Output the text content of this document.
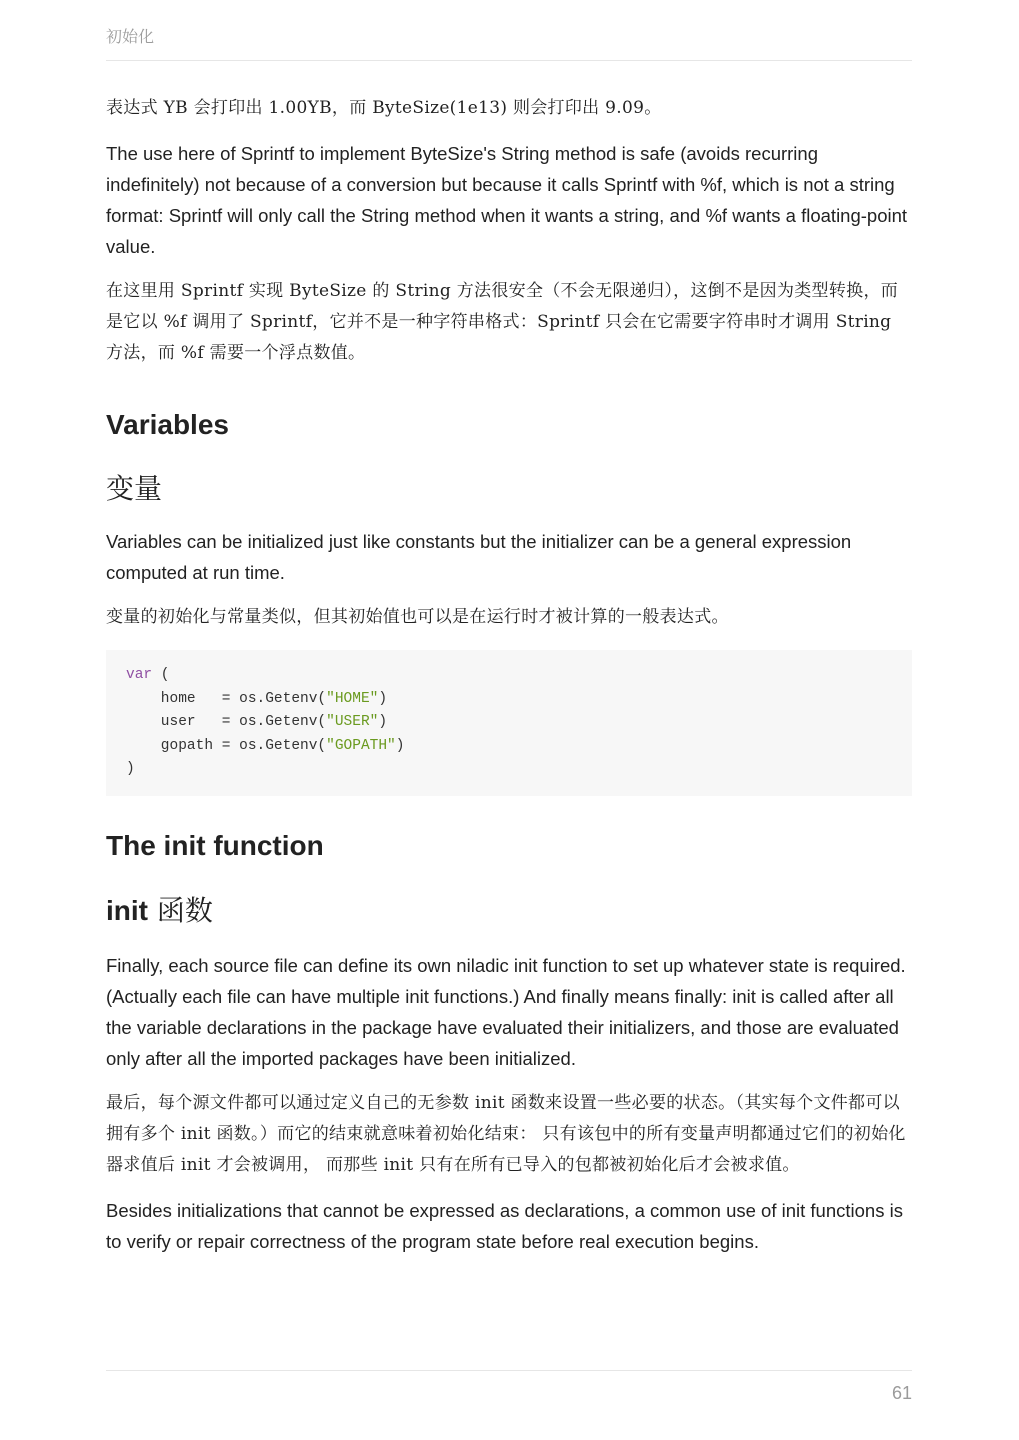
初始化

表达式 YB 会打印出 1.00YB，而 ByteSize(1e13) 则会打印出 9.09。

The use here of Sprintf to implement ByteSize's String method is safe (avoids recurring indefinitely) not because of a conversion but because it calls Sprintf with %f, which is not a string format: Sprintf will only call the String method when it wants a string, and %f wants a floating-point value.

在这里用 Sprintf 实现 ByteSize 的 String 方法很安全（不会无限递归），这倒不是因为类型转换，而是它以 %f 调用了 Sprintf，它并不是一种字符串格式：Sprintf 只会在它需要字符串时才调用 String 方法，而 %f 需要一个浮点数值。

Variables
变量

Variables can be initialized just like constants but the initializer can be a general expression computed at run time.

变量的初始化与常量类似，但其初始值也可以是在运行时才被计算的一般表达式。

var (
home   = os.Getenv("HOME")
user   = os.Getenv("USER")
gopath = os.Getenv("GOPATH")
)
The init function
init 函数

Finally, each source file can define its own niladic init function to set up whatever state is required. (Actually each file can have multiple init functions.) And finally means finally: init is called after all the variable declarations in the package have evaluated their initializers, and those are evaluated only after all the imported packages have been initialized.

最后，每个源文件都可以通过定义自己的无参数 init 函数来设置一些必要的状态。（其实每个文件都可以拥有多个 init 函数。）而它的结束就意味着初始化结束： 只有该包中的所有变量声明都通过它们的初始化器求值后 init 才会被调用， 而那些 init 只有在所有已导入的包都被初始化后才会被求值。

Besides initializations that cannot be expressed as declarations, a common use of init functions is to verify or repair correctness of the program state before real execution begins.

61
